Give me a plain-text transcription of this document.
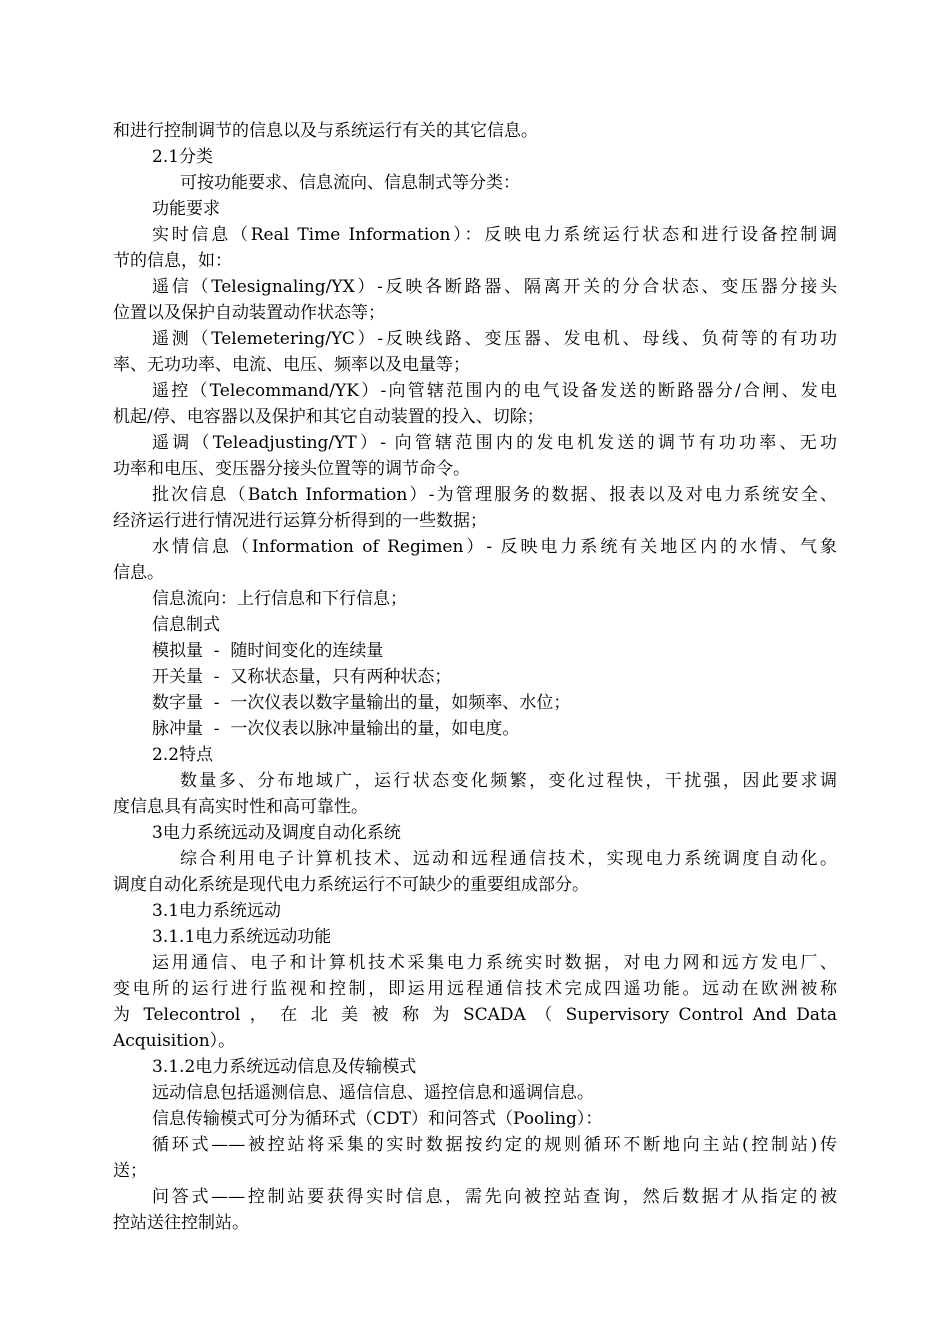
和进行控制调节的信息以及与系统运行有关的其它信息。
2.1分类
可按功能要求、信息流向、信息制式等分类：
功能要求
实时信息（Real Time Information）：反映电力系统运行状态和进行设备控制调
节的信息，如：
遥信（Telesignaling/YX）-反映各断路器、隔离开关的分合状态、变压器分接头
位置以及保护自动装置动作状态等；
遥测（Telemetering/YC）-反映线路、变压器、发电机、母线、负荷等的有功功
率、无功功率、电流、电压、频率以及电量等；
遥控（Telecommand/YK）-向管辖范围内的电气设备发送的断路器分/合闸、发电
机起/停、电容器以及保护和其它自动装置的投入、切除；
遥调（Teleadjusting/YT）- 向管辖范围内的发电机发送的调节有功功率、无功
功率和电压、变压器分接头位置等的调节命令。
批次信息（Batch Information）-为管理服务的数据、报表以及对电力系统安全、
经济运行进行情况进行运算分析得到的一些数据；
水情信息（Information of Regimen）- 反映电力系统有关地区内的水情、气象
信息。
信息流向：上行信息和下行信息；
信息制式
模拟量  -  随时间变化的连续量
开关量  -  又称状态量，只有两种状态；
数字量  -  一次仪表以数字量输出的量，如频率、水位；
脉冲量  -  一次仪表以脉冲量输出的量，如电度。
2.2特点
数量多、分布地域广，运行状态变化频繁，变化过程快，干扰强，因此要求调
度信息具有高实时性和高可靠性。
3电力系统远动及调度自动化系统
综合利用电子计算机技术、远动和远程通信技术，实现电力系统调度自动化。
调度自动化系统是现代电力系统运行不可缺少的重要组成部分。
3.1电力系统远动
3.1.1电力系统远动功能
运用通信、电子和计算机技术采集电力系统实时数据，对电力网和远方发电厂、
变电所的运行进行监视和控制，即运用远程通信技术完成四遥功能。远动在欧洲被称
为 Telecontrol ， 在 北 美 被 称 为 SCADA （ Supervisory Control And Data
Acquisition）。
3.1.2电力系统远动信息及传输模式
远动信息包括遥测信息、遥信信息、遥控信息和遥调信息。
信息传输模式可分为循环式（CDT）和问答式（Pooling）：
循环式——被控站将采集的实时数据按约定的规则循环不断地向主站(控制站)传
送；
问答式——控制站要获得实时信息，需先向被控站查询，然后数据才从指定的被
控站送往控制站。
